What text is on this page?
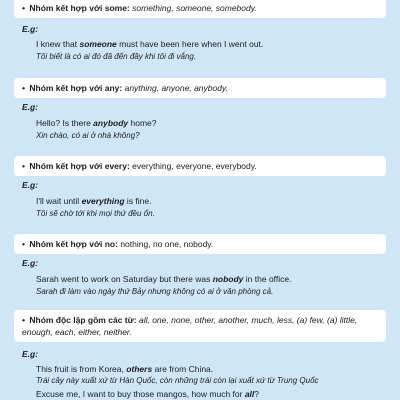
• Nhóm kết hợp với some: something, someone, somebody.
E.g:
I knew that someone must have been here when I went out.
Tôi biết là có ai đó đã đến đây khi tôi đi vắng.
• Nhóm kết hợp với any: anything, anyone, anybody.
E.g:
Hello? Is there anybody home?
Xin chào, có ai ở nhà không?
• Nhóm kết hợp với every: everything, everyone, everybody.
E.g:
I'll wait until everything is fine.
Tôi sẽ chờ tới khi mọi thứ đều ổn.
• Nhóm kết hợp với no: nothing, no one, nobody.
E.g:
Sarah went to work on Saturday but there was nobody in the office.
Sarah đi làm vào ngày thứ Bảy nhưng không có ai ở văn phòng cả.
• Nhóm độc lập gồm các từ: all, one, none, other, another, much, less, (a) few, (a) little,
enough, each, either, neither.
E.g:
This fruit is from Korea, others are from China.
Trái cây này xuất xứ từ Hàn Quốc, còn những trái còn lại xuất xứ từ Trung Quốc
Excuse me, I want to buy those mangos, how much for all?
